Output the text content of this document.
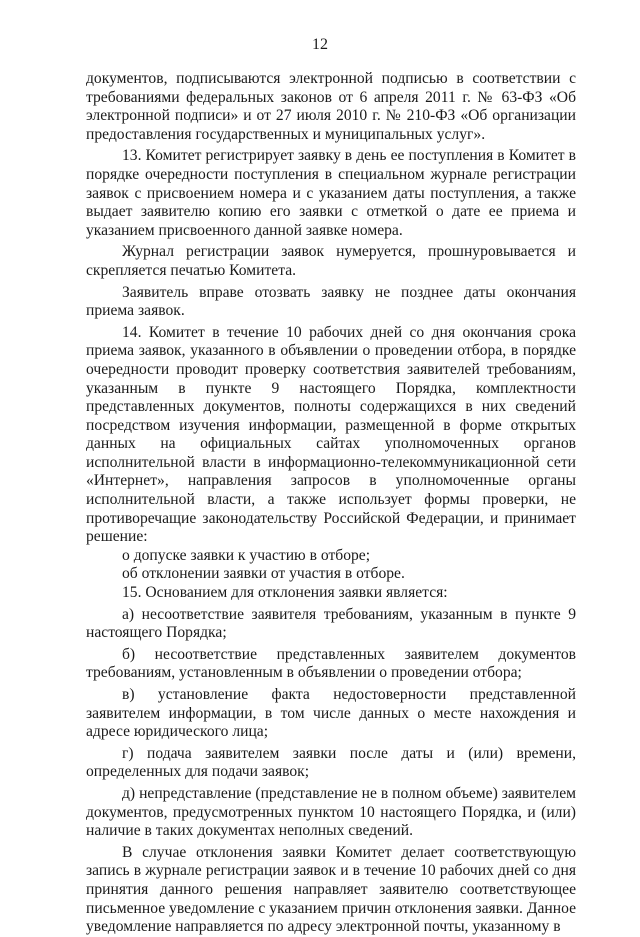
12

документов, подписываются электронной подписью в соответствии с требованиями федеральных законов от 6 апреля 2011 г. № 63-ФЗ «Об электронной подписи» и от 27 июля 2010 г. № 210-ФЗ «Об организации предоставления государственных и муниципальных услуг».

13. Комитет регистрирует заявку в день ее поступления в Комитет в порядке очередности поступления в специальном журнале регистрации заявок с присвоением номера и с указанием даты поступления, а также выдает заявителю копию его заявки с отметкой о дате ее приема и указанием присвоенного данной заявке номера.

Журнал регистрации заявок нумеруется, прошнуровывается и скрепляется печатью Комитета.

Заявитель вправе отозвать заявку не позднее даты окончания приема заявок.

14. Комитет в течение 10 рабочих дней со дня окончания срока приема заявок, указанного в объявлении о проведении отбора, в порядке очередности проводит проверку соответствия заявителей требованиям, указанным в пункте 9 настоящего Порядка, комплектности представленных документов, полноты содержащихся в них сведений посредством изучения информации, размещенной в форме открытых данных на официальных сайтах уполномоченных органов исполнительной власти в информационно-телекоммуникационной сети «Интернет», направления запросов в уполномоченные органы исполнительной власти, а также использует формы проверки, не противоречащие законодательству Российской Федерации, и принимает решение:

о допуске заявки к участию в отборе;

об отклонении заявки от участия в отборе.

15. Основанием для отклонения заявки является:

а) несоответствие заявителя требованиям, указанным в пункте 9 настоящего Порядка;

б) несоответствие представленных заявителем документов требованиям, установленным в объявлении о проведении отбора;

в) установление факта недостоверности представленной заявителем информации, в том числе данных о месте нахождения и адресе юридического лица;

г) подача заявителем заявки после даты и (или) времени, определенных для подачи заявок;

д) непредставление (представление не в полном объеме) заявителем документов, предусмотренных пунктом 10 настоящего Порядка, и (или) наличие в таких документах неполных сведений.

В случае отклонения заявки Комитет делает соответствующую запись в журнале регистрации заявок и в течение 10 рабочих дней со дня принятия данного решения направляет заявителю соответствующее письменное уведомление с указанием причин отклонения заявки. Данное уведомление направляется по адресу электронной почты, указанному в
